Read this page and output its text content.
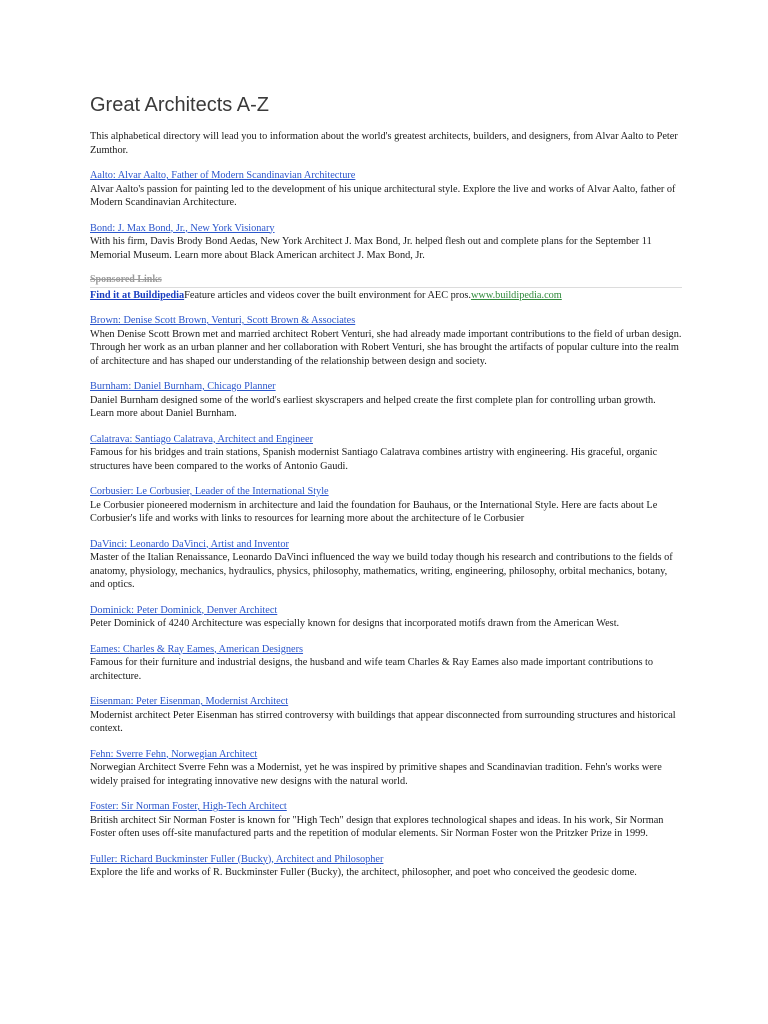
Great Architects A-Z

This alphabetical directory will lead you to information about the world's greatest architects, builders, and designers, from Alvar Aalto to Peter Zumthor.

Aalto: Alvar Aalto, Father of Modern Scandinavian Architecture

Alvar Aalto's passion for painting led to the development of his unique architectural style. Explore the live and works of Alvar Aalto, father of Modern Scandinavian Architecture.

Bond: J. Max Bond, Jr., New York Visionary

With his firm, Davis Brody Bond Aedas, New York Architect J. Max Bond, Jr. helped flesh out and complete plans for the September 11 Memorial Museum. Learn more about Black American architect J. Max Bond, Jr.

Sponsored Links
Find it at BuildipediaFeature articles and videos cover the built environment for AEC pros.www.buildipedia.com
Brown: Denise Scott Brown, Venturi, Scott Brown & Associates

When Denise Scott Brown met and married architect Robert Venturi, she had already made important contributions to the field of urban design. Through her work as an urban planner and her collaboration with Robert Venturi, she has brought the artifacts of popular culture into the realm of architecture and has shaped our understanding of the relationship between design and society.

Burnham: Daniel Burnham, Chicago Planner

Daniel Burnham designed some of the world's earliest skyscrapers and helped create the first complete plan for controlling urban growth. Learn more about Daniel Burnham.

Calatrava: Santiago Calatrava, Architect and Engineer

Famous for his bridges and train stations, Spanish modernist Santiago Calatrava combines artistry with engineering. His graceful, organic structures have been compared to the works of Antonio Gaudi.

Corbusier: Le Corbusier, Leader of the International Style

Le Corbusier pioneered modernism in architecture and laid the foundation for Bauhaus, or the International Style. Here are facts about Le Corbusier's life and works with links to resources for learning more about the architecture of le Corbusier

DaVinci: Leonardo DaVinci, Artist and Inventor

Master of the Italian Renaissance, Leonardo DaVinci influenced the way we build today though his research and contributions to the fields of anatomy, physiology, mechanics, hydraulics, physics, philosophy, mathematics, writing, engineering, philosophy, orbital mechanics, botany, and optics.

Dominick: Peter Dominick, Denver Architect

Peter Dominick of 4240 Architecture was especially known for designs that incorporated motifs drawn from the American West.

Eames: Charles & Ray Eames, American Designers

Famous for their furniture and industrial designs, the husband and wife team Charles & Ray Eames also made important contributions to architecture.

Eisenman: Peter Eisenman, Modernist Architect

Modernist architect Peter Eisenman has stirred controversy with buildings that appear disconnected from surrounding structures and historical context.

Fehn: Sverre Fehn, Norwegian Architect

Norwegian Architect Sverre Fehn was a Modernist, yet he was inspired by primitive shapes and Scandinavian tradition. Fehn's works were widely praised for integrating innovative new designs with the natural world.

Foster: Sir Norman Foster, High-Tech Architect

British architect Sir Norman Foster is known for "High Tech" design that explores technological shapes and ideas. In his work, Sir Norman Foster often uses off-site manufactured parts and the repetition of modular elements. Sir Norman Foster won the Pritzker Prize in 1999.

Fuller: Richard Buckminster Fuller (Bucky), Architect and Philosopher

Explore the life and works of R. Buckminster Fuller (Bucky), the architect, philosopher, and poet who conceived the geodesic dome.
